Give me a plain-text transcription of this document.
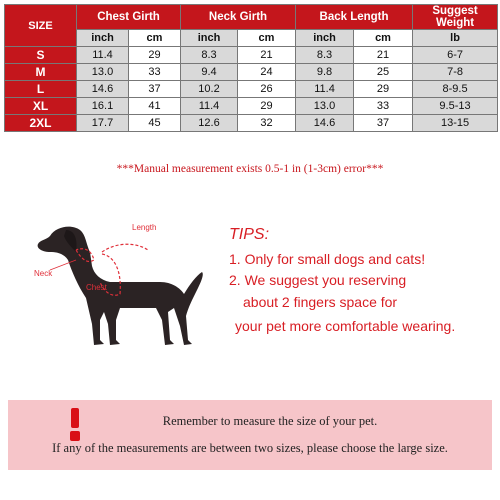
SIZE	Chest Girth		Neck Girth		Back Length		Suggest Weight
	inch	cm	inch	cm	inch	cm	lb
S	11.4	29	8.3	21	8.3	21	6-7
M	13.0	33	9.4	24	9.8	25	7-8
L	14.6	37	10.2	26	11.4	29	8-9.5
XL	16.1	41	11.4	29	13.0	33	9.5-13
2XL	17.7	45	12.6	32	14.6	37	13-15
***Manual measurement exists 0.5-1 in (1-3cm) error***
Length
Neck
Chest
TIPS:
1. Only for small dogs and cats!
2. We suggest you reserving
about 2 fingers space for
your pet more comfortable wearing.
Remember to measure the size of your pet.
If any of the measurements are between two sizes, please choose the large size.
